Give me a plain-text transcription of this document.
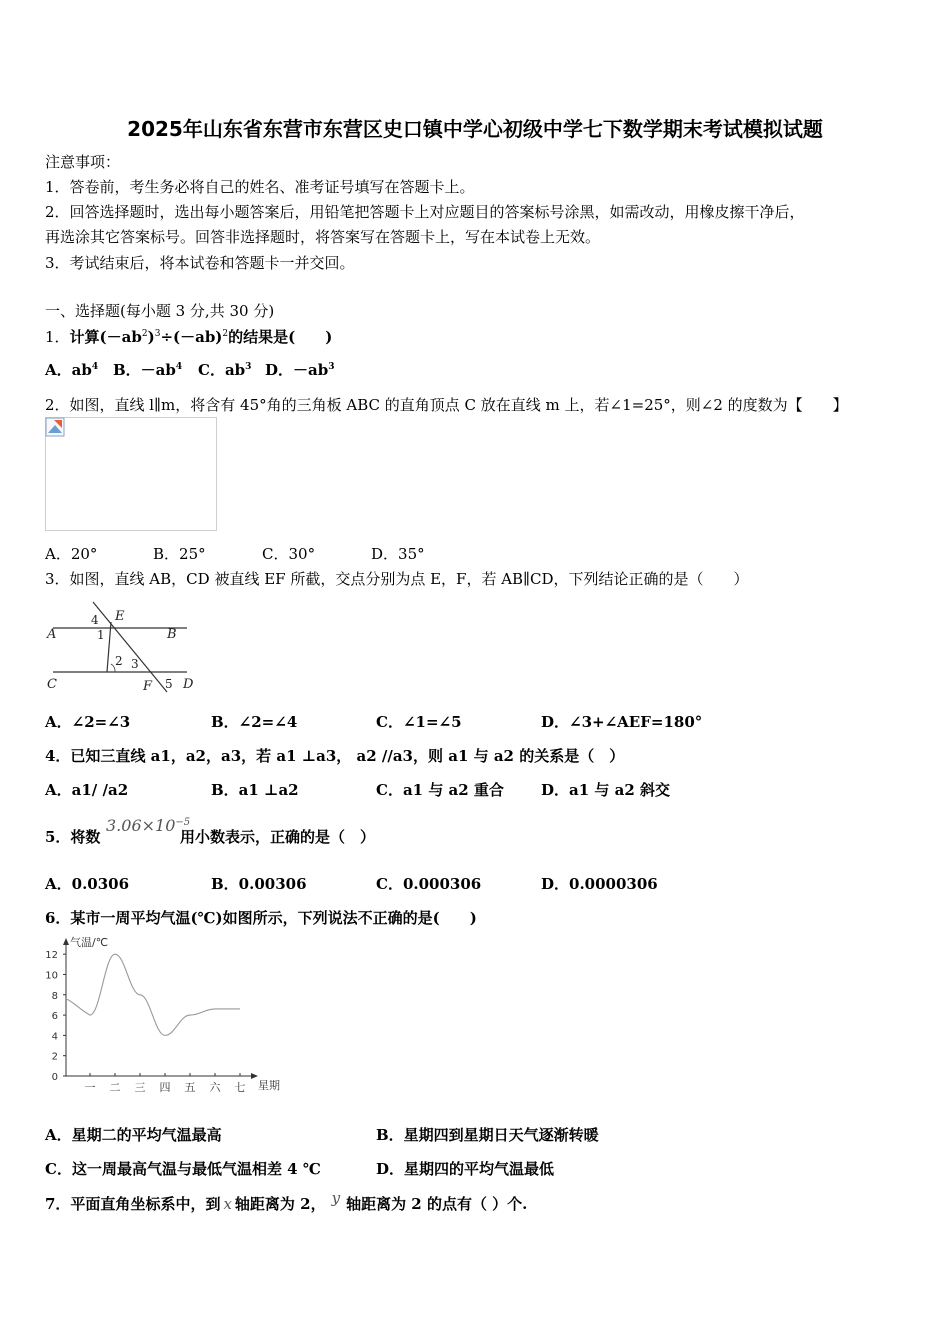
2025年山东省东营市东营区史口镇中学心初级中学七下数学期末考试模拟试题
注意事项：
1．答卷前，考生务必将自己的姓名、准考证号填写在答题卡上。
2．回答选择题时，选出每小题答案后，用铅笔把答题卡上对应题目的答案标号涂黑，如需改动，用橡皮擦干净后，
再选涂其它答案标号。回答非选择题时，将答案写在答题卡上，写在本试卷上无效。
3．考试结束后，将本试卷和答题卡一并交回。
一、选择题(每小题 3 分,共 30 分)
1．计算$(-ab^2)^3\div(-ab)^2$的结果是(　　)
A．$ab^4$ B．$-ab^4$ C．$ab^3$ D．$-ab^3$
2．如图，直线 l∥m，将含有 45°角的三角板 ABC 的直角顶点 C 放在直线 m 上，若∠1=25°，则∠2 的度数为【　　】
A．20°	B．25°	C．30°	D．35°
3．如图，直线 AB，CD 被直线 EF 所截，交点分别为点 E，F，若 AB∥CD，下列结论正确的是（　　）
A	B
C	D
E
F
1
2 3
4
5
A．∠2=∠3	B．∠2=∠4	C．∠1=∠5	D．∠3+∠AEF=180°
4．已知三直线 a1，a2，a3，若 a1 ⊥a3， a2 //a3，则 a1 与 a2 的关系是（　）
A．a1/ /a2	B．a1 ⊥a2	C．a1 与 a2 重合 D．a1 与 a2 斜交
5．将数
$3.06\times 10^{-5}$
用小数表示，正确的是（　）
A．0.0306	B．0.00306	C．0.000306	D．0.0000306
6．某市一周平均气温(℃)如图所示，下列说法不正确的是(　　)
0
2
4
6
8
10
12
一 二 三 四 五 六 七
气温/℃
星期
A．星期二的平均气温最高	B．星期四到星期日天气逐渐转暖
C．这一周最高气温与最低气温相差 4 ℃	D．星期四的平均气温最低
7．平面直角坐标系中，到 x 轴距离为 2， y 轴距离为 2 的点有（ ）个.
